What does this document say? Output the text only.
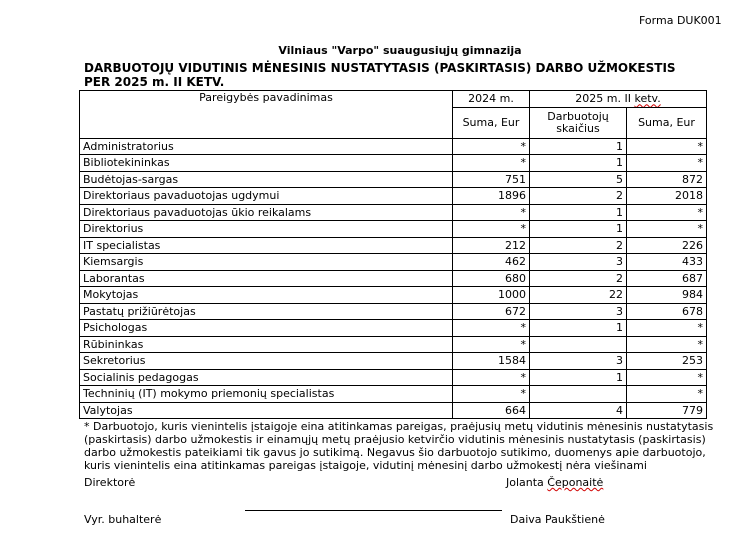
Forma DUK001
Vilniaus "Varpo" suaugusiųjų gimnazija
DARBUOTOJŲ VIDUTINIS MĖNESINIS NUSTATYTASIS (PASKIRTASIS) DARBO UŽMOKESTIS PER 2025 m. II KETV.
Pareigybės pavadinimas	2024 m.	2025 m. II ketv.	
	Suma, Eur	Darbuotojų skaičius	Suma, Eur
Administratorius	*	1	*
Bibliotekininkas	*	1	*
Budėtojas-sargas	751	5	872
Direktoriaus pavaduotojas ugdymui	1896	2	2018
Direktoriaus pavaduotojas ūkio reikalams	*	1	*
Direktorius	*	1	*
IT specialistas	212	2	226
Kiemsargis	462	3	433
Laborantas	680	2	687
Mokytojas	1000	22	984
Pastatų prižiūrėtojas	672	3	678
Psichologas	*	1	*
Rūbininkas	*		*
Sekretorius	1584	3	253
Socialinis pedagogas	*	1	*
Techninių (IT) mokymo priemonių specialistas	*		*
Valytojas	664	4	779
* Darbuotojo, kuris vienintelis įstaigoje eina atitinkamas pareigas, praėjusių metų vidutinis mėnesinis nustatytasis (paskirtasis) darbo užmokestis ir einamųjų metų praėjusio ketvirčio vidutinis mėnesinis nustatytasis (paskirtasis) darbo užmokestis pateikiami tik gavus jo sutikimą. Negavus šio darbuotojo sutikimo, duomenys apie darbuotojo, kuris vienintelis eina atitinkamas pareigas įstaigoje, vidutinį mėnesinį darbo užmokestį nėra viešinami
Direktorė	Jolanta Čeponaitė
Vyr. buhalterė	Daiva Paukštienė
